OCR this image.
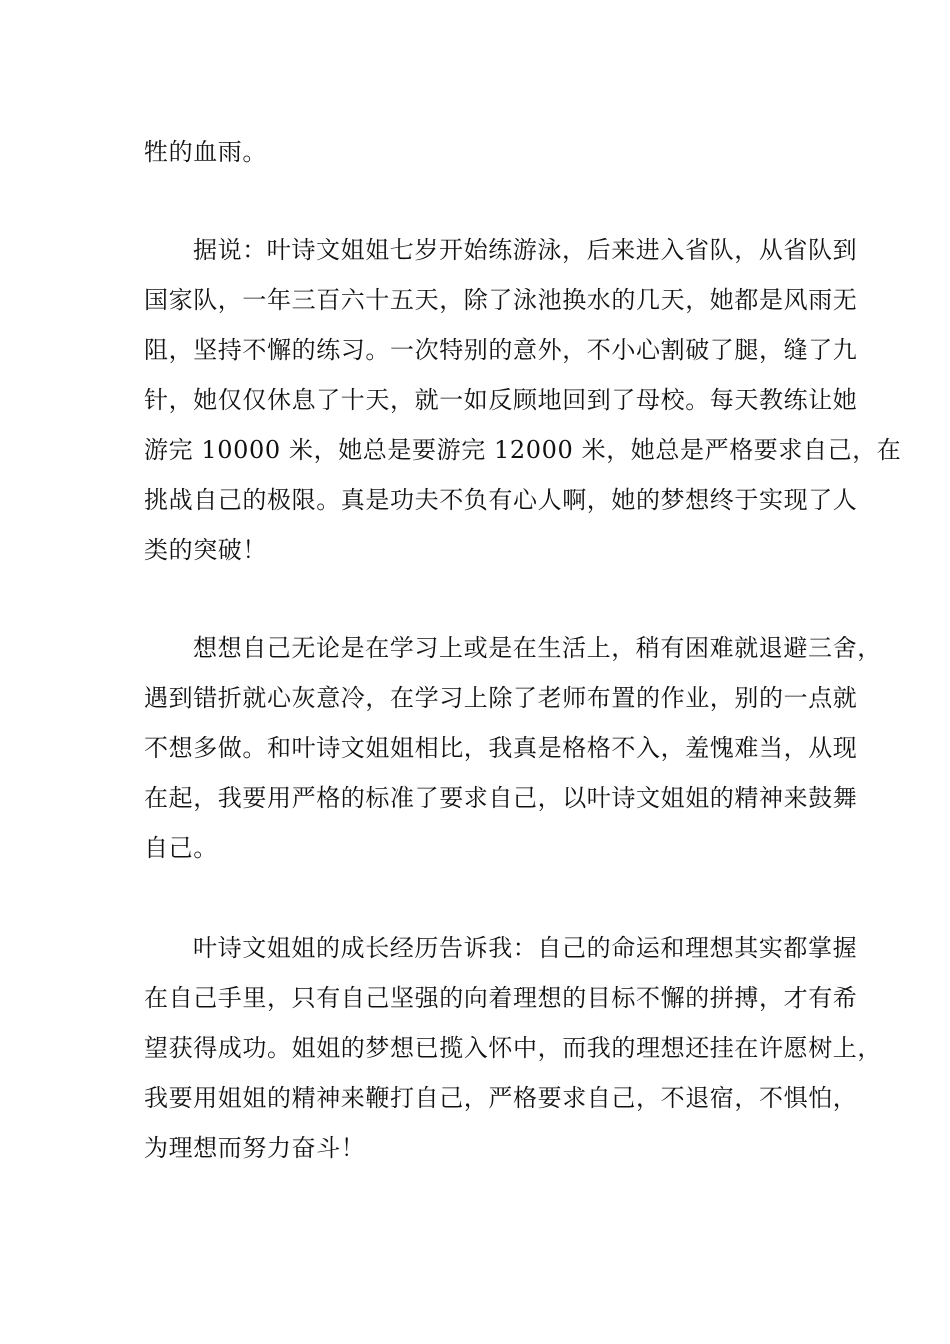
牲的血雨。
据说：叶诗文姐姐七岁开始练游泳，后来进入省队，从省队到
国家队，一年三百六十五天，除了泳池换水的几天，她都是风雨无
阻，坚持不懈的练习。一次特别的意外，不小心割破了腿，缝了九
针，她仅仅休息了十天，就一如反顾地回到了母校。每天教练让她
游完 10000 米，她总是要游完 12000 米，她总是严格要求自己，在
挑战自己的极限。真是功夫不负有心人啊，她的梦想终于实现了人
类的突破！
想想自己无论是在学习上或是在生活上，稍有困难就退避三舍，
遇到错折就心灰意冷，在学习上除了老师布置的作业，别的一点就
不想多做。和叶诗文姐姐相比，我真是格格不入，羞愧难当，从现
在起，我要用严格的标准了要求自己，以叶诗文姐姐的精神来鼓舞
自己。
叶诗文姐姐的成长经历告诉我：自己的命运和理想其实都掌握
在自己手里，只有自己坚强的向着理想的目标不懈的拼搏，才有希
望获得成功。姐姐的梦想已揽入怀中，而我的理想还挂在许愿树上，
我要用姐姐的精神来鞭打自己，严格要求自己，不退宿，不惧怕，
为理想而努力奋斗！
